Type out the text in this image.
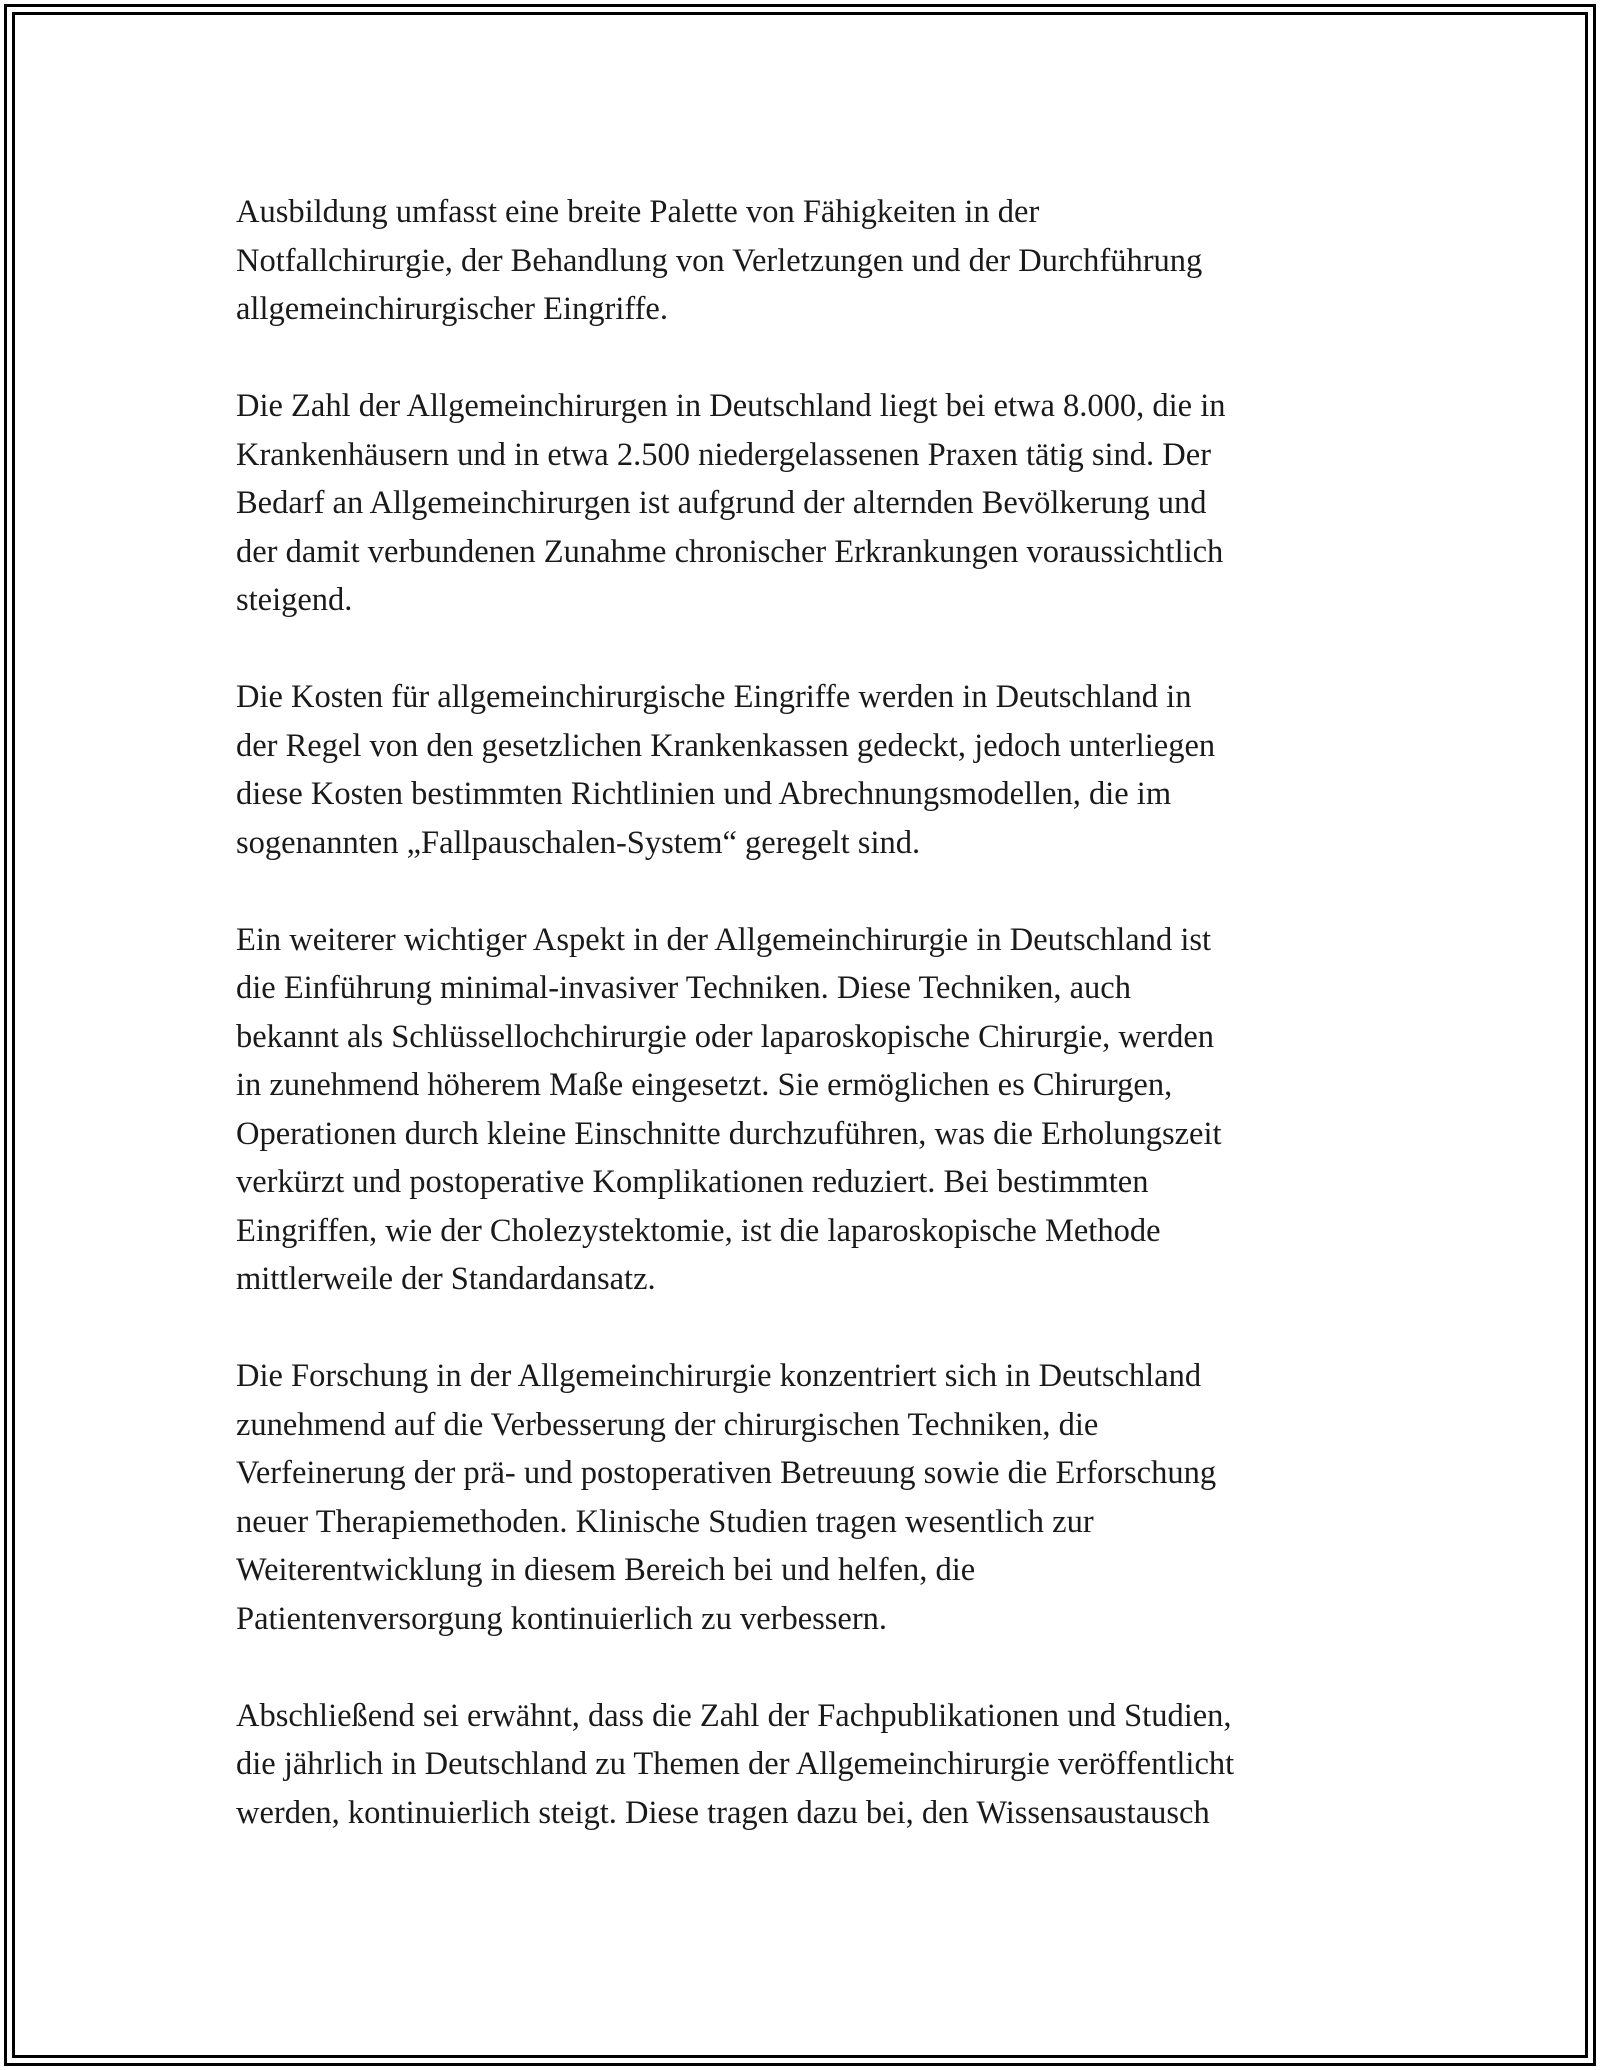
Ausbildung umfasst eine breite Palette von Fähigkeiten in der
Notfallchirurgie, der Behandlung von Verletzungen und der Durchführung
allgemeinchirurgischer Eingriffe.

Die Zahl der Allgemeinchirurgen in Deutschland liegt bei etwa 8.000, die in
Krankenhäusern und in etwa 2.500 niedergelassenen Praxen tätig sind. Der
Bedarf an Allgemeinchirurgen ist aufgrund der alternden Bevölkerung und
der damit verbundenen Zunahme chronischer Erkrankungen voraussichtlich
steigend.

Die Kosten für allgemeinchirurgische Eingriffe werden in Deutschland in
der Regel von den gesetzlichen Krankenkassen gedeckt, jedoch unterliegen
diese Kosten bestimmten Richtlinien und Abrechnungsmodellen, die im
sogenannten „Fallpauschalen-System“ geregelt sind.

Ein weiterer wichtiger Aspekt in der Allgemeinchirurgie in Deutschland ist
die Einführung minimal-invasiver Techniken. Diese Techniken, auch
bekannt als Schlüssellochchirurgie oder laparoskopische Chirurgie, werden
in zunehmend höherem Maße eingesetzt. Sie ermöglichen es Chirurgen,
Operationen durch kleine Einschnitte durchzuführen, was die Erholungszeit
verkürzt und postoperative Komplikationen reduziert. Bei bestimmten
Eingriffen, wie der Cholezystektomie, ist die laparoskopische Methode
mittlerweile der Standardansatz.

Die Forschung in der Allgemeinchirurgie konzentriert sich in Deutschland
zunehmend auf die Verbesserung der chirurgischen Techniken, die
Verfeinerung der prä- und postoperativen Betreuung sowie die Erforschung
neuer Therapiemethoden. Klinische Studien tragen wesentlich zur
Weiterentwicklung in diesem Bereich bei und helfen, die
Patientenversorgung kontinuierlich zu verbessern.

Abschließend sei erwähnt, dass die Zahl der Fachpublikationen und Studien,
die jährlich in Deutschland zu Themen der Allgemeinchirurgie veröffentlicht
werden, kontinuierlich steigt. Diese tragen dazu bei, den Wissensaustausch
